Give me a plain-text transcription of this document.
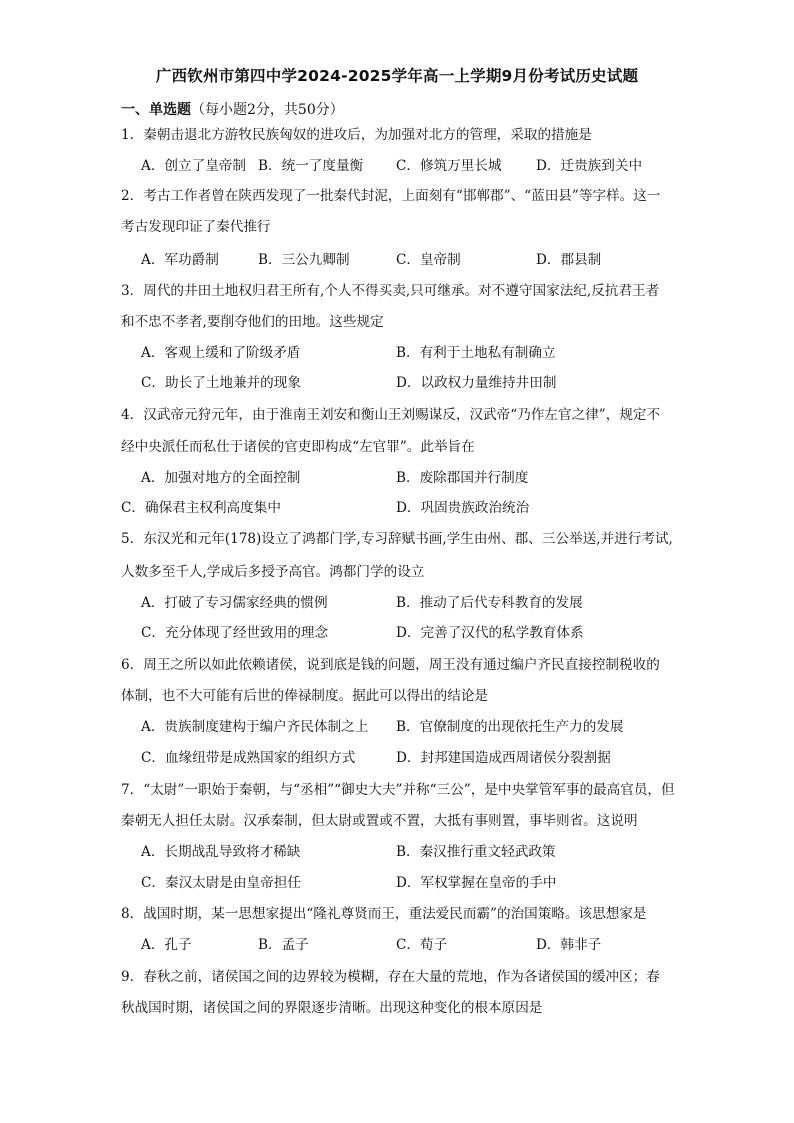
广西钦州市第四中学2024-2025学年高一上学期9月份考试历史试题
一、单选题（每小题2分，共50分）
1．秦朝击退北方游牧民族匈奴的进攻后，为加强对北方的管理，采取的措施是
A．创立了皇帝制 B．统一了度量衡 C．修筑万里长城	D．迁贵族到关中
2．考古工作者曾在陕西发现了一批秦代封泥，上面刻有“邯郸郡”、“蓝田县”等字样。这一
考古发现印证了秦代推行
A．军功爵制	B．三公九卿制	C．皇帝制	D．郡县制
3．周代的井田土地权归君王所有,个人不得买卖,只可继承。对不遵守国家法纪,反抗君王者
和不忠不孝者,要削夺他们的田地。这些规定
A．客观上缓和了阶级矛盾	B．有利于土地私有制确立
C．助长了土地兼并的现象	D．以政权力量维持井田制
4．汉武帝元狩元年，由于淮南王刘安和衡山王刘赐谋反，汉武帝“乃作左官之律”，规定不
经中央派任而私仕于诸侯的官吏即构成“左官罪”。此举旨在
A．加强对地方的全面控制	B．废除郡国并行制度
C．确保君主权利高度集中	D．巩固贵族政治统治
5．东汉光和元年(178)设立了鸿都门学,专习辞赋书画,学生由州、郡、三公举送,并进行考试,
人数多至千人,学成后多授予高官。鸿都门学的设立
A．打破了专习儒家经典的惯例	B．推动了后代专科教育的发展
C．充分体现了经世致用的理念	D．完善了汉代的私学教育体系
6．周王之所以如此依赖诸侯，说到底是钱的问题，周王没有通过编户齐民直接控制税收的
体制，也不大可能有后世的俸禄制度。据此可以得出的结论是
A．贵族制度建构于编户齐民体制之上 B．官僚制度的出现依托生产力的发展
C．血缘纽带是成熟国家的组织方式	D．封邦建国造成西周诸侯分裂割据
7．“太尉”一职始于秦朝，与“丞相”“御史大夫”并称“三公”，是中央掌管军事的最高官员，但
秦朝无人担任太尉。汉承秦制，但太尉或置或不置，大抵有事则置，事毕则省。这说明
A．长期战乱导致将才稀缺	B．秦汉推行重文轻武政策
C．秦汉太尉是由皇帝担任	D．军权掌握在皇帝的手中
8．战国时期，某一思想家提出“隆礼尊贤而王，重法爱民而霸”的治国策略。该思想家是
A．孔子	B．孟子	C．荀子	D．韩非子
9．春秋之前，诸侯国之间的边界较为模糊，存在大量的荒地，作为各诸侯国的缓冲区；春
秋战国时期，诸侯国之间的界限逐步清晰。出现这种变化的根本原因是
